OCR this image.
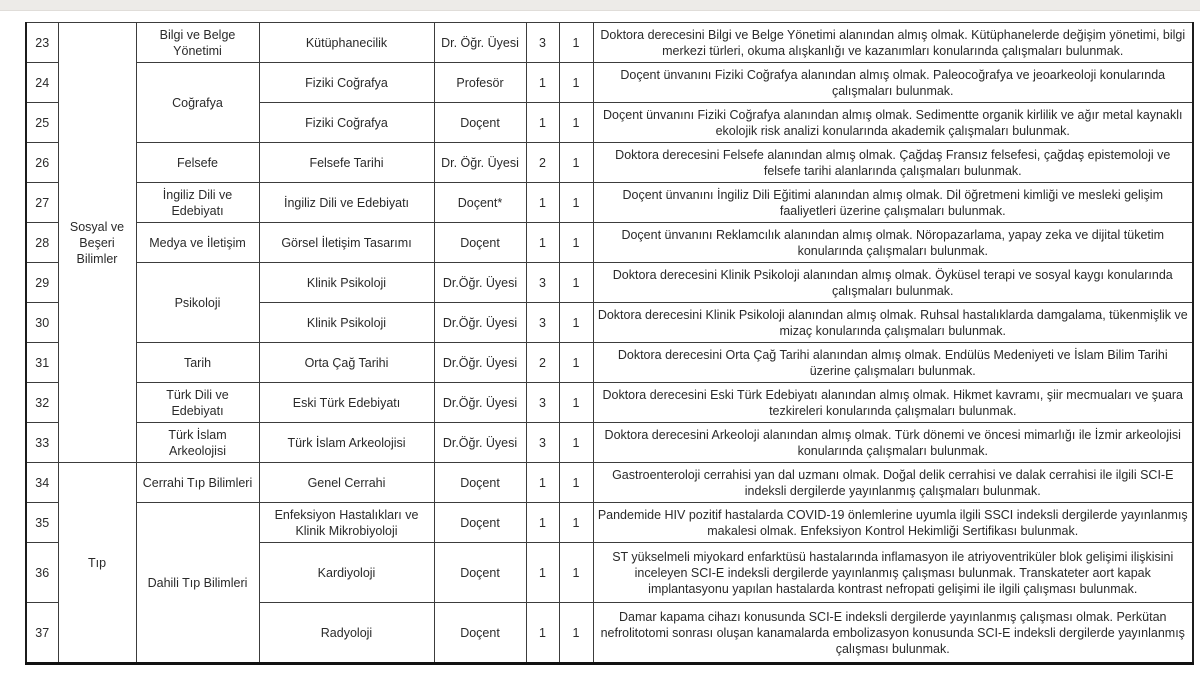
23	Sosyal ve Beşeri Bilimler	Bilgi ve Belge Yönetimi	Kütüphanecilik	Dr. Öğr. Üyesi	3	1	Doktora derecesini Bilgi ve Belge Yönetimi alanından almış olmak. Kütüphanelerde değişim yönetimi, bilgi merkezi türleri, okuma alışkanlığı ve kazanımları konularında çalışmaları bulunmak.
24		Coğrafya	Fiziki Coğrafya	Profesör	1	1	Doçent ünvanını Fiziki Coğrafya alanından almış olmak. Paleocoğrafya ve jeoarkeoloji konularında çalışmaları bulunmak.
25			Fiziki Coğrafya	Doçent	1	1	Doçent ünvanını Fiziki Coğrafya alanından almış olmak. Sedimentte organik kirlilik ve ağır metal kaynaklı ekolojik risk analizi konularında akademik çalışmaları bulunmak.
26		Felsefe	Felsefe Tarihi	Dr. Öğr. Üyesi	2	1	Doktora derecesini Felsefe alanından almış olmak. Çağdaş Fransız felsefesi, çağdaş epistemoloji ve felsefe tarihi alanlarında çalışmaları bulunmak.
27		İngiliz Dili ve Edebiyatı	İngiliz Dili ve Edebiyatı	Doçent*	1	1	Doçent ünvanını İngiliz Dili Eğitimi alanından almış olmak. Dil öğretmeni kimliği ve mesleki gelişim faaliyetleri üzerine çalışmaları bulunmak.
28		Medya ve İletişim	Görsel İletişim Tasarımı	Doçent	1	1	Doçent ünvanını Reklamcılık alanından almış olmak. Nöropazarlama, yapay zeka ve dijital tüketim konularında çalışmaları bulunmak.
29		Psikoloji	Klinik Psikoloji	Dr.Öğr. Üyesi	3	1	Doktora derecesini Klinik Psikoloji alanından almış olmak. Öyküsel terapi ve sosyal kaygı konularında çalışmaları bulunmak.
30			Klinik Psikoloji	Dr.Öğr. Üyesi	3	1	Doktora derecesini Klinik Psikoloji alanından almış olmak. Ruhsal hastalıklarda damgalama, tükenmişlik ve mizaç konularında çalışmaları bulunmak.
31		Tarih	Orta Çağ Tarihi	Dr.Öğr. Üyesi	2	1	Doktora derecesini Orta Çağ Tarihi alanından almış olmak. Endülüs Medeniyeti ve İslam Bilim Tarihi üzerine çalışmaları bulunmak.
32		Türk Dili ve Edebiyatı	Eski Türk Edebiyatı	Dr.Öğr. Üyesi	3	1	Doktora derecesini Eski Türk Edebiyatı alanından almış olmak. Hikmet kavramı, şiir mecmuaları ve şuara tezkireleri konularında çalışmaları bulunmak.
33		Türk İslam Arkeolojisi	Türk İslam Arkeolojisi	Dr.Öğr. Üyesi	3	1	Doktora derecesini Arkeoloji alanından almış olmak. Türk dönemi ve öncesi mimarlığı ile İzmir arkeolojisi konularında çalışmaları bulunmak.
34	Tıp	Cerrahi Tıp Bilimleri	Genel Cerrahi	Doçent	1	1	Gastroenteroloji cerrahisi yan dal uzmanı olmak. Doğal delik cerrahisi ve dalak cerrahisi ile ilgili SCI-E indeksli dergilerde yayınlanmış çalışmaları bulunmak.
35		Dahili Tıp Bilimleri	Enfeksiyon Hastalıkları ve Klinik Mikrobiyoloji	Doçent	1	1	Pandemide HIV pozitif hastalarda COVID-19 önlemlerine uyumla ilgili SSCI indeksli dergilerde yayınlanmış makalesi olmak. Enfeksiyon Kontrol Hekimliği Sertifikası bulunmak.
36			Kardiyoloji	Doçent	1	1	ST yükselmeli miyokard enfarktüsü hastalarında inflamasyon ile atriyoventriküler blok gelişimi ilişkisini inceleyen SCI-E indeksli dergilerde yayınlanmış çalışması bulunmak. Transkateter aort kapak implantasyonu yapılan hastalarda kontrast nefropati gelişimi ile ilgili çalışması bulunmak.
37			Radyoloji	Doçent	1	1	Damar kapama cihazı konusunda SCI-E indeksli dergilerde yayınlanmış çalışması olmak. Perkütan nefrolitotomi sonrası oluşan kanamalarda embolizasyon konusunda SCI-E indeksli dergilerde yayınlanmış çalışması bulunmak.
